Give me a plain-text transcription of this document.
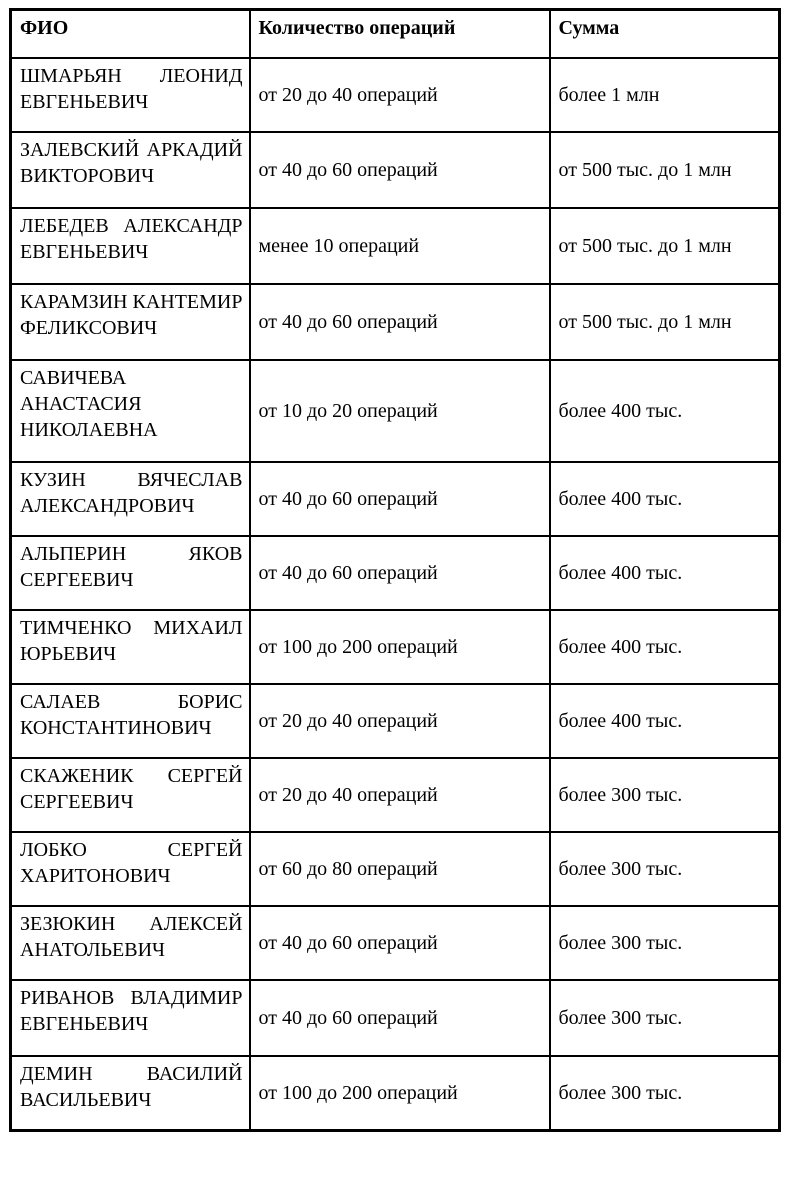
ФИО	Количество операций	Сумма
ШМАРЬЯН ЛЕОНИД ЕВГЕНЬЕВИЧ	от 20 до 40 операций	более 1 млн
ЗАЛЕВСКИЙ АРКАДИЙ ВИКТОРОВИЧ	от 40 до 60 операций	от 500 тыс. до 1 млн
ЛЕБЕДЕВ АЛЕКСАНДР ЕВГЕНЬЕВИЧ	менее 10 операций	от 500 тыс. до 1 млн
КАРАМЗИН КАНТЕМИР ФЕЛИКСОВИЧ	от 40 до 60 операций	от 500 тыс. до 1 млн
САВИЧЕВА АНАСТАСИЯ НИКОЛАЕВНА	от 10 до 20 операций	более 400 тыс.
КУЗИН ВЯЧЕСЛАВ АЛЕКСАНДРОВИЧ	от 40 до 60 операций	более 400 тыс.
АЛЬПЕРИН ЯКОВ СЕРГЕЕВИЧ	от 40 до 60 операций	более 400 тыс.
ТИМЧЕНКО МИХАИЛ ЮРЬЕВИЧ	от 100 до 200 операций	более 400 тыс.
САЛАЕВ БОРИС КОНСТАНТИНОВИЧ	от 20 до 40 операций	более 400 тыс.
СКАЖЕНИК СЕРГЕЙ СЕРГЕЕВИЧ	от 20 до 40 операций	более 300 тыс.
ЛОБКО СЕРГЕЙ ХАРИТОНОВИЧ	от 60 до 80 операций	более 300 тыс.
ЗЕЗЮКИН АЛЕКСЕЙ АНАТОЛЬЕВИЧ	от 40 до 60 операций	более 300 тыс.
РИВАНОВ ВЛАДИМИР ЕВГЕНЬЕВИЧ	от 40 до 60 операций	более 300 тыс.
ДЕМИН ВАСИЛИЙ ВАСИЛЬЕВИЧ	от 100 до 200 операций	более 300 тыс.
